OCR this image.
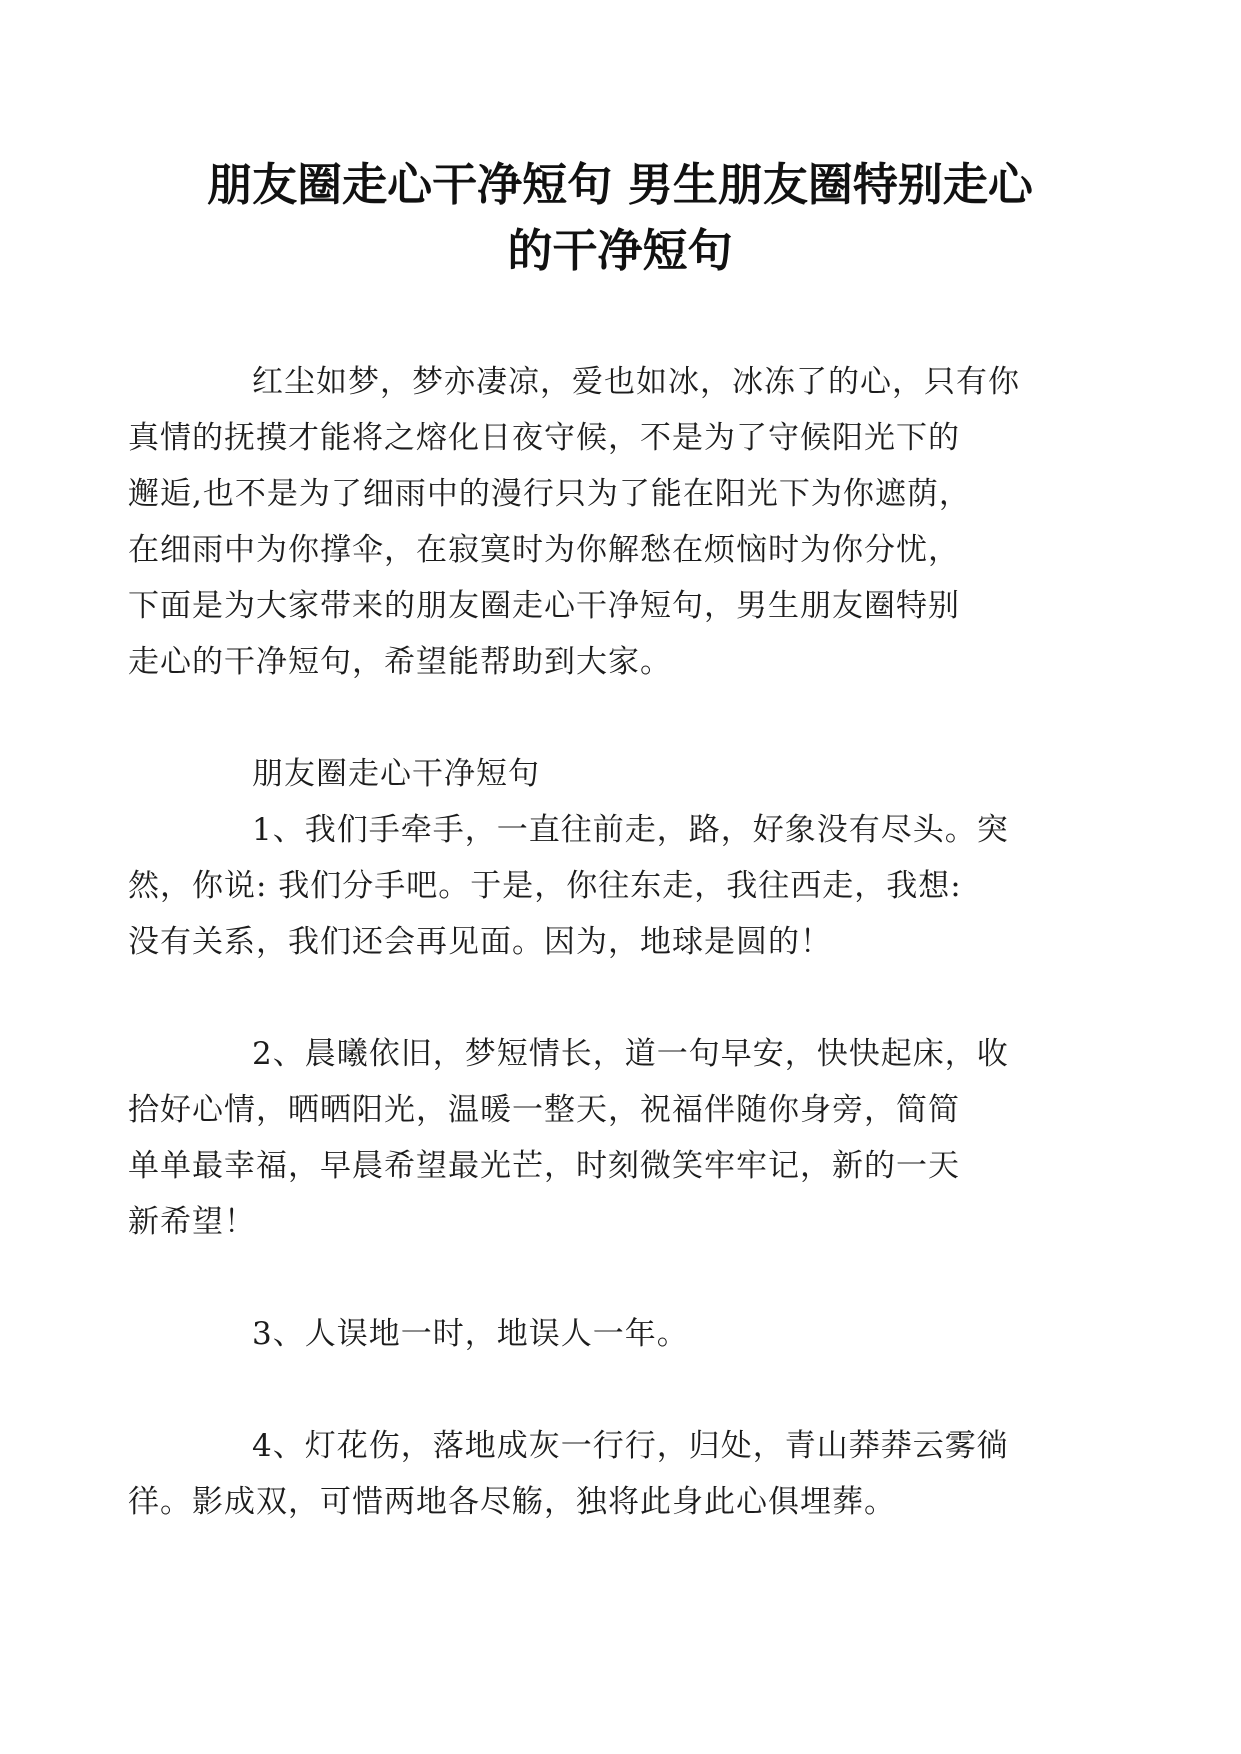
朋友圈走心干净短句 男生朋友圈特别走心
的干净短句

红尘如梦，梦亦凄凉，爱也如冰，冰冻了的心，只有你
真情的抚摸才能将之熔化日夜守候，不是为了守候阳光下的
邂逅,也不是为了细雨中的漫行只为了能在阳光下为你遮荫，
在细雨中为你撑伞，在寂寞时为你解愁在烦恼时为你分忧，
下面是为大家带来的朋友圈走心干净短句，男生朋友圈特别
走心的干净短句，希望能帮助到大家。

朋友圈走心干净短句

1、我们手牵手，一直往前走，路，好象没有尽头。突
然，你说: 我们分手吧。于是，你往东走，我往西走，我想:
没有关系，我们还会再见面。因为，地球是圆的！

2、晨曦依旧，梦短情长，道一句早安，快快起床，收
拾好心情，晒晒阳光，温暖一整天，祝福伴随你身旁，简简
单单最幸福，早晨希望最光芒，时刻微笑牢牢记，新的一天
新希望！

3、人误地一时，地误人一年。

4、灯花伤，落地成灰一行行，归处，青山莽莽云雾徜
徉。影成双，可惜两地各尽觞，独将此身此心俱埋葬。
